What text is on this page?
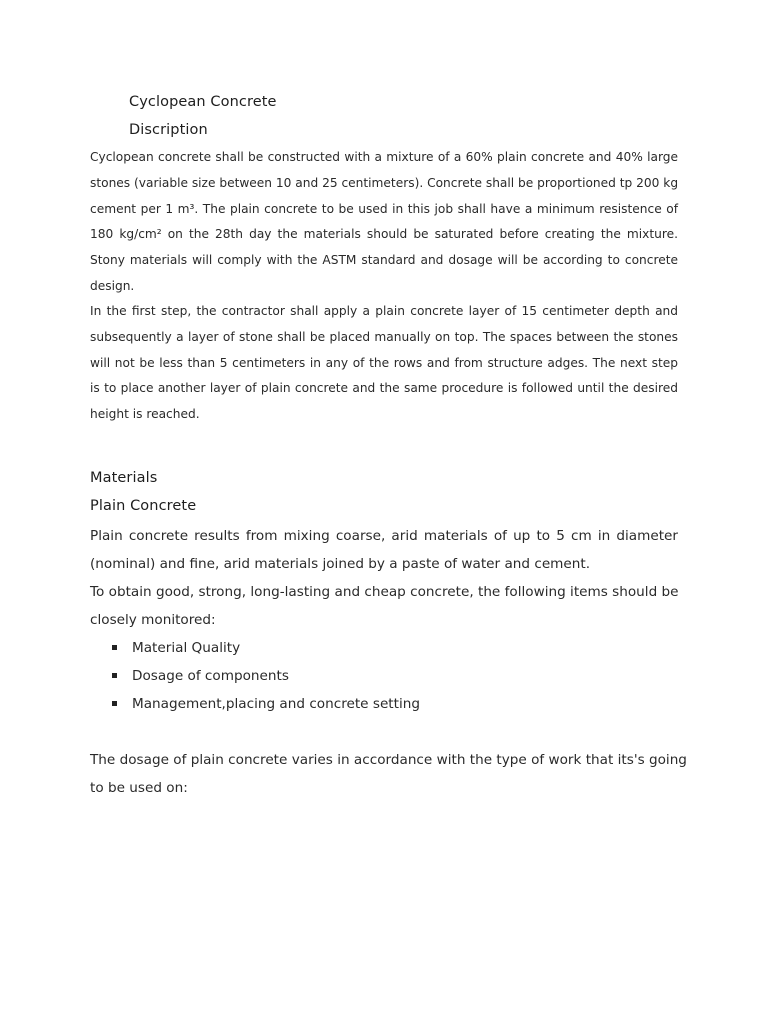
Cyclopean Concrete
Discription
Cyclopean concrete shall be constructed with a mixture of a 60% plain concrete and 40% large
stones (variable size between 10 and 25 centimeters). Concrete shall be proportioned tp 200 kg
cement per 1 m³. The plain concrete to be used in this job shall have a minimum resistence of
180 kg/cm² on the 28th day the materials should be saturated before creating the mixture.
Stony materials will comply with the ASTM standard and dosage will be according to concrete
design.
In the first step, the contractor shall apply a plain concrete layer of 15 centimeter depth and
subsequently a layer of stone shall be placed manually on top. The spaces between the stones
will not be less than 5 centimeters in any of the rows and from structure adges. The next step
is to place another layer of plain concrete and the same procedure is followed until the desired
height is reached.
Materials
Plain Concrete
Plain concrete results from mixing coarse, arid materials of up to 5 cm in diameter
(nominal) and fine, arid materials joined by a paste of water and cement.
To obtain good, strong, long-lasting and cheap concrete, the following items should be
closely monitored:
Material Quality
Dosage of components
Management,placing and concrete setting
The dosage of plain concrete varies in accordance with the type of work that its's going
to be used on:
